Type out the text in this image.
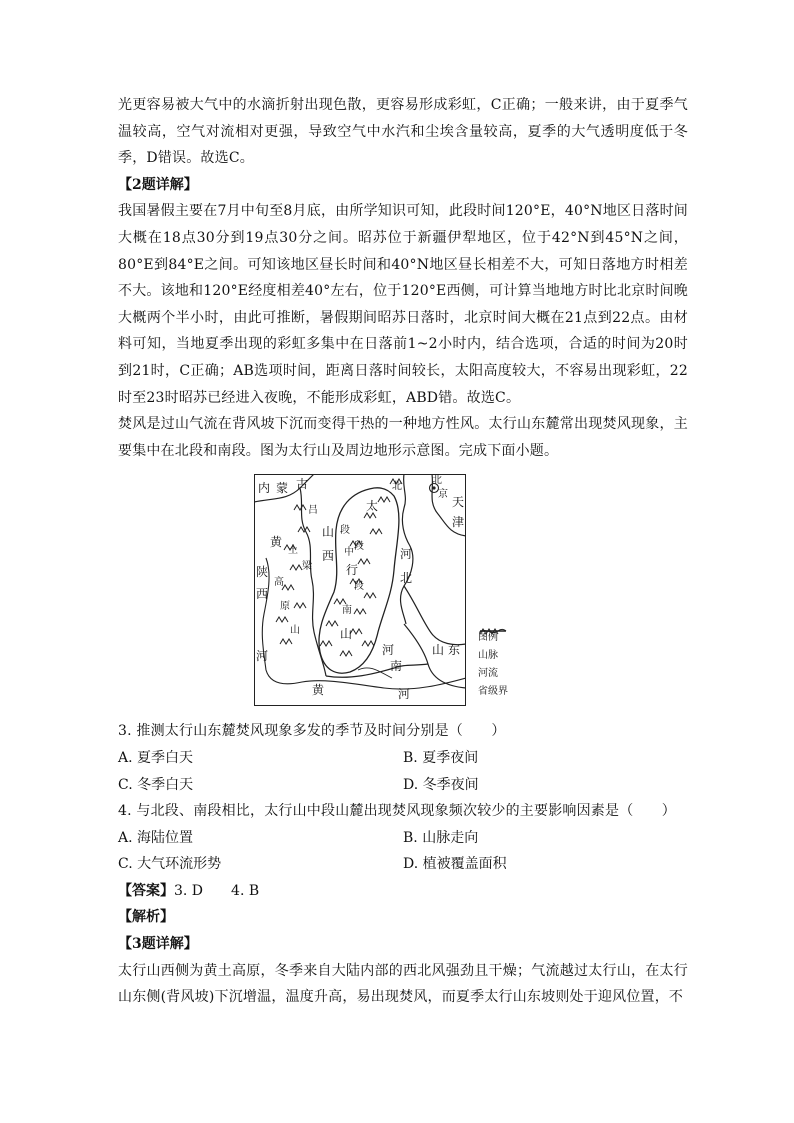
光更容易被大气中的水滴折射出现色散，更容易形成彩虹，C正确；一般来讲，由于夏季气温较高，空气对流相对更强，导致空气中水汽和尘埃含量较高，夏季的大气透明度低于冬季，D错误。故选C。

【2题详解】

我国暑假主要在7月中旬至8月底，由所学知识可知，此段时间120°E，40°N地区日落时间大概在18点30分到19点30分之间。昭苏位于新疆伊犁地区，位于42°N到45°N之间，80°E到84°E之间。可知该地区昼长时间和40°N地区昼长相差不大，可知日落地方时相差不大。该地和120°E经度相差40°左右，位于120°E西侧，可计算当地地方时比北京时间晚大概两个半小时，由此可推断，暑假期间昭苏日落时，北京时间大概在21点到22点。由材料可知，当地夏季出现的彩虹多集中在日落前1~2小时内，结合选项，合适的时间为20时到21时，C正确；AB选项时间，距离日落时间较长，太阳高度较大，不容易出现彩虹，22时至23时昭苏已经进入夜晚，不能形成彩虹，ABD错。故选C。

焚风是过山气流在背风坡下沉而变得干热的一种地方性风。太行山东麓常出现焚风现象，主要集中在北段和南段。图为太行山及周边地形示意图。完成下面小题。

内 蒙 古
吕
梁
山
黄
土
高
原
山
西
陕
西
太
段
中
行
段
南
山
北
段
北
京
天
津
河
北
河
南
山 东
河
黄	河
图例
山脉
河流
省级界

3. 推测太行山东麓焚风现象多发的季节及时间分别是（　　）

A. 夏季白天	B. 夏季夜间
C. 冬季白天	D. 冬季夜间

4. 与北段、南段相比，太行山中段山麓出现焚风现象频次较少的主要影响因素是（　　）

A. 海陆位置	B. 山脉走向
C. 大气环流形势	D. 植被覆盖面积

【答案】3. D　　4. B

【解析】

【3题详解】

太行山西侧为黄土高原，冬季来自大陆内部的西北风强劲且干燥；气流越过太行山，在太行山东侧(背风坡)下沉增温，温度升高，易出现焚风，而夏季太行山东坡则处于迎风位置，不
